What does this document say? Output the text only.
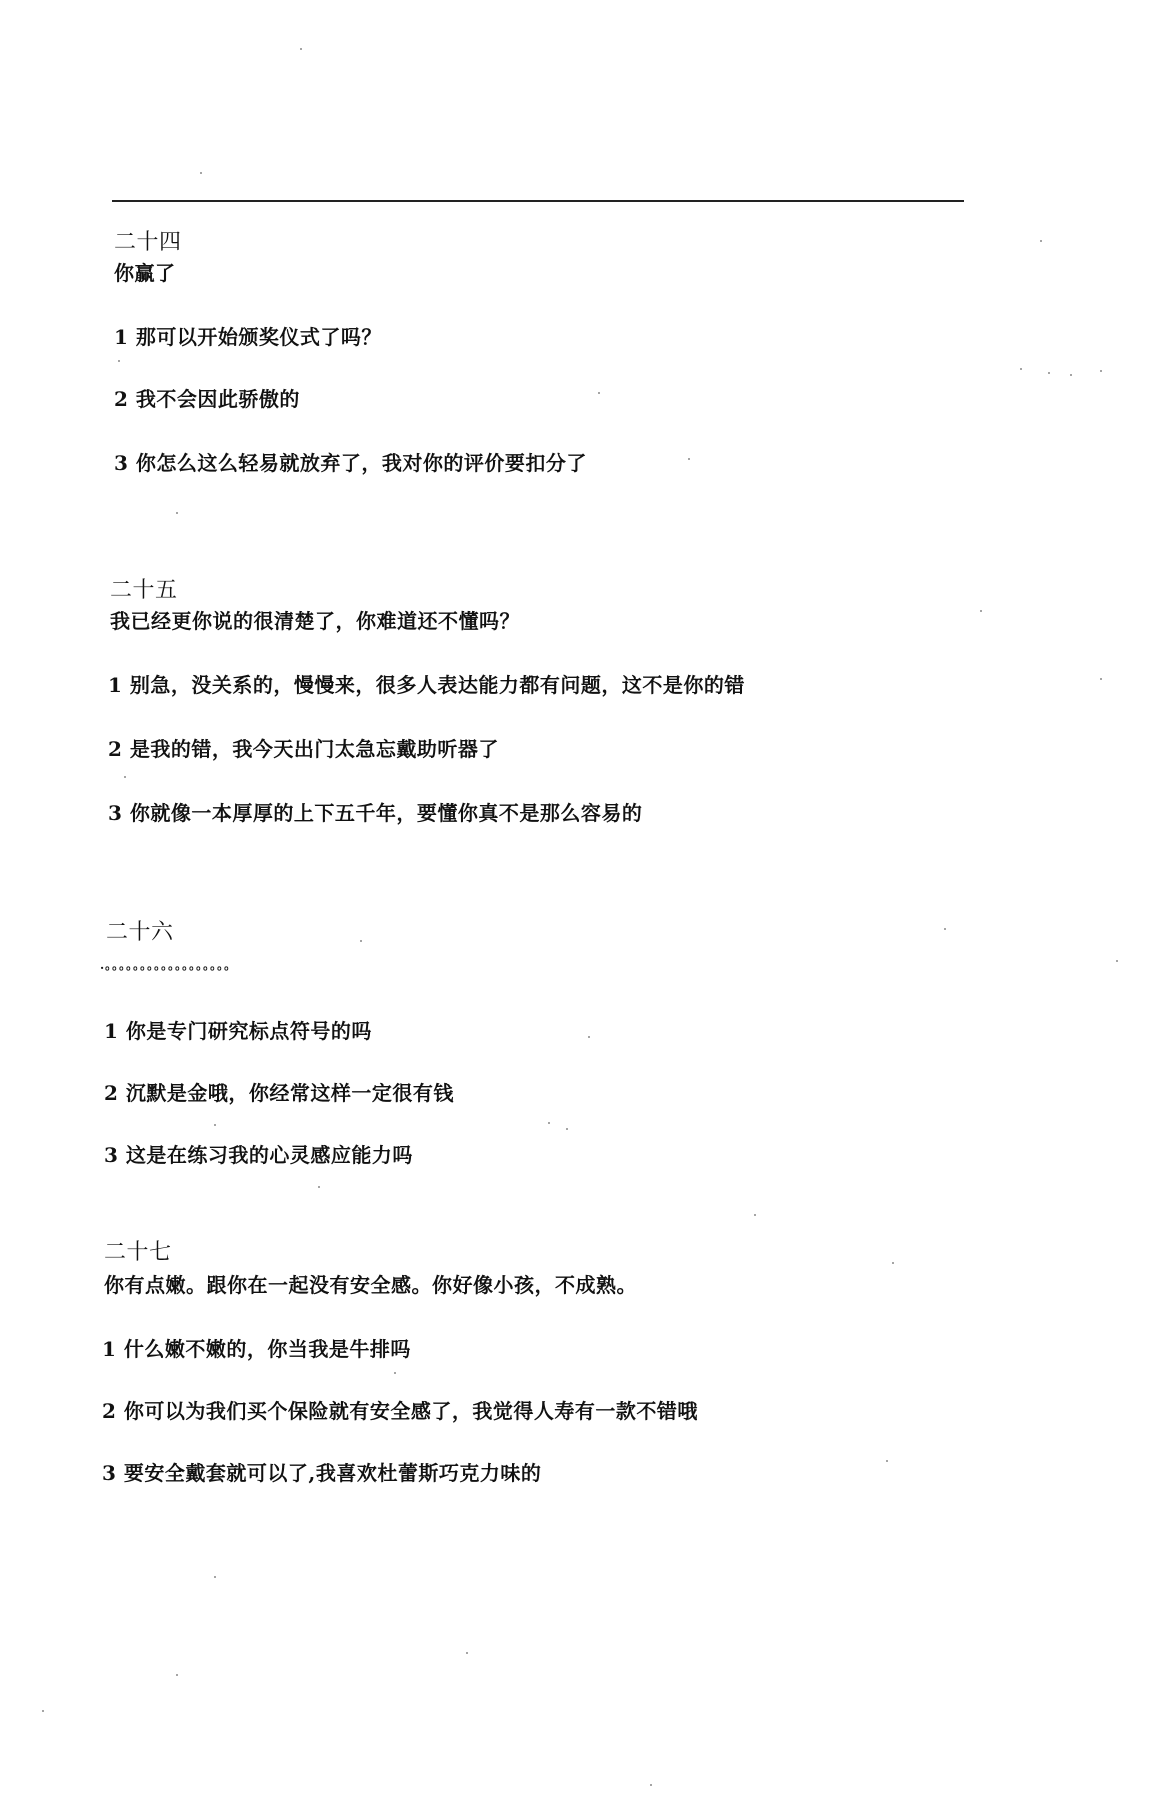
二十四
你赢了
1 那可以开始颁奖仪式了吗？
2 我不会因此骄傲的
3 你怎么这么轻易就放弃了，我对你的评价要扣分了
二十五
我已经更你说的很清楚了，你难道还不懂吗？
1 别急，没关系的，慢慢来，很多人表达能力都有问题，这不是你的错
2 是我的错，我今天出门太急忘戴助听器了
3 你就像一本厚厚的上下五千年，要懂你真不是那么容易的
二十六
.。。。。。。。。。。。。。。。。。。
1 你是专门研究标点符号的吗
2 沉默是金哦，你经常这样一定很有钱
3 这是在练习我的心灵感应能力吗
二十七
你有点嫩。跟你在一起没有安全感。你好像小孩，不成熟。
1 什么嫩不嫩的，你当我是牛排吗
2 你可以为我们买个保险就有安全感了，我觉得人寿有一款不错哦
3 要安全戴套就可以了,我喜欢杜蕾斯巧克力味的
